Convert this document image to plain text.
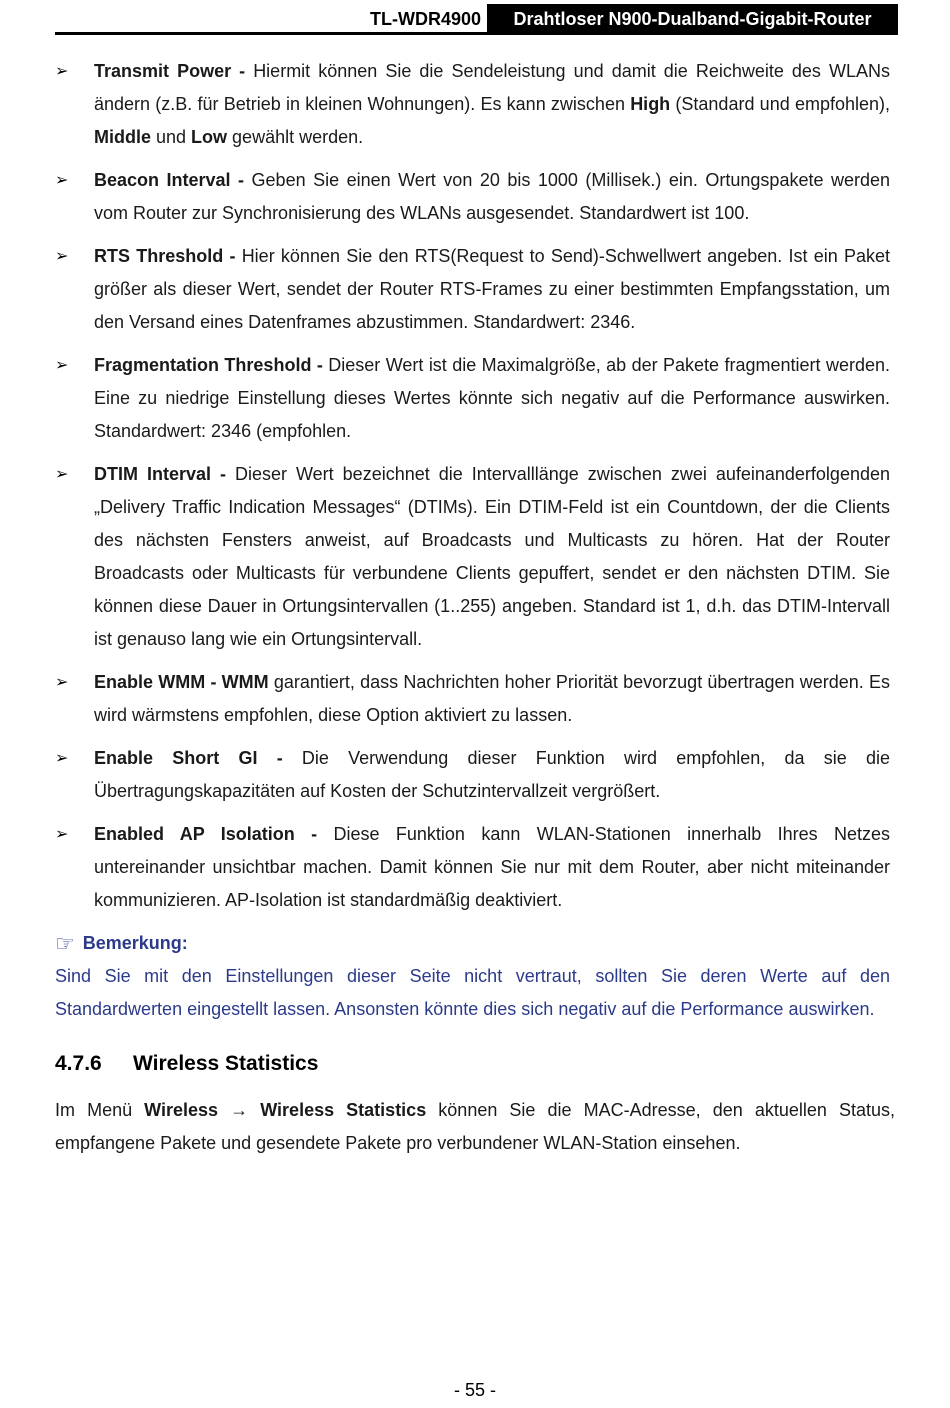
TL-WDR4900	Drahtloser N900-Dualband-Gigabit-Router
➢ Transmit Power - Hiermit können Sie die Sendeleistung und damit die Reichweite des WLANs ändern (z.B. für Betrieb in kleinen Wohnungen). Es kann zwischen High (Standard und empfohlen), Middle und Low gewählt werden.
➢ Beacon Interval - Geben Sie einen Wert von 20 bis 1000 (Millisek.) ein. Ortungspakete werden vom Router zur Synchronisierung des WLANs ausgesendet. Standardwert ist 100.
➢ RTS Threshold - Hier können Sie den RTS(Request to Send)-Schwellwert angeben. Ist ein Paket größer als dieser Wert, sendet der Router RTS-Frames zu einer bestimmten Empfangsstation, um den Versand eines Datenframes abzustimmen. Standardwert: 2346.
➢ Fragmentation Threshold - Dieser Wert ist die Maximalgröße, ab der Pakete fragmentiert werden. Eine zu niedrige Einstellung dieses Wertes könnte sich negativ auf die Performance auswirken. Standardwert: 2346 (empfohlen.
➢ DTIM Interval - Dieser Wert bezeichnet die Intervalllänge zwischen zwei aufeinanderfolgenden „Delivery Traffic Indication Messages“ (DTIMs). Ein DTIM-Feld ist ein Countdown, der die Clients des nächsten Fensters anweist, auf Broadcasts und Multicasts zu hören. Hat der Router Broadcasts oder Multicasts für verbundene Clients gepuffert, sendet er den nächsten DTIM. Sie können diese Dauer in Ortungsintervallen (1..255) angeben. Standard ist 1, d.h. das DTIM-Intervall ist genauso lang wie ein Ortungsintervall.
➢ Enable WMM - WMM garantiert, dass Nachrichten hoher Priorität bevorzugt übertragen werden. Es wird wärmstens empfohlen, diese Option aktiviert zu lassen.
➢ Enable Short GI - Die Verwendung dieser Funktion wird empfohlen, da sie die Übertragungskapazitäten auf Kosten der Schutzintervallzeit vergrößert.
➢ Enabled AP Isolation - Diese Funktion kann WLAN-Stationen innerhalb Ihres Netzes untereinander unsichtbar machen. Damit können Sie nur mit dem Router, aber nicht miteinander kommunizieren. AP-Isolation ist standardmäßig deaktiviert.
☞ Bemerkung:
Sind Sie mit den Einstellungen dieser Seite nicht vertraut, sollten Sie deren Werte auf den Standardwerten eingestellt lassen. Ansonsten könnte dies sich negativ auf die Performance auswirken.
4.7.6 Wireless Statistics
Im Menü Wireless → Wireless Statistics können Sie die MAC-Adresse, den aktuellen Status, empfangene Pakete und gesendete Pakete pro verbundener WLAN-Station einsehen.
- 55 -
